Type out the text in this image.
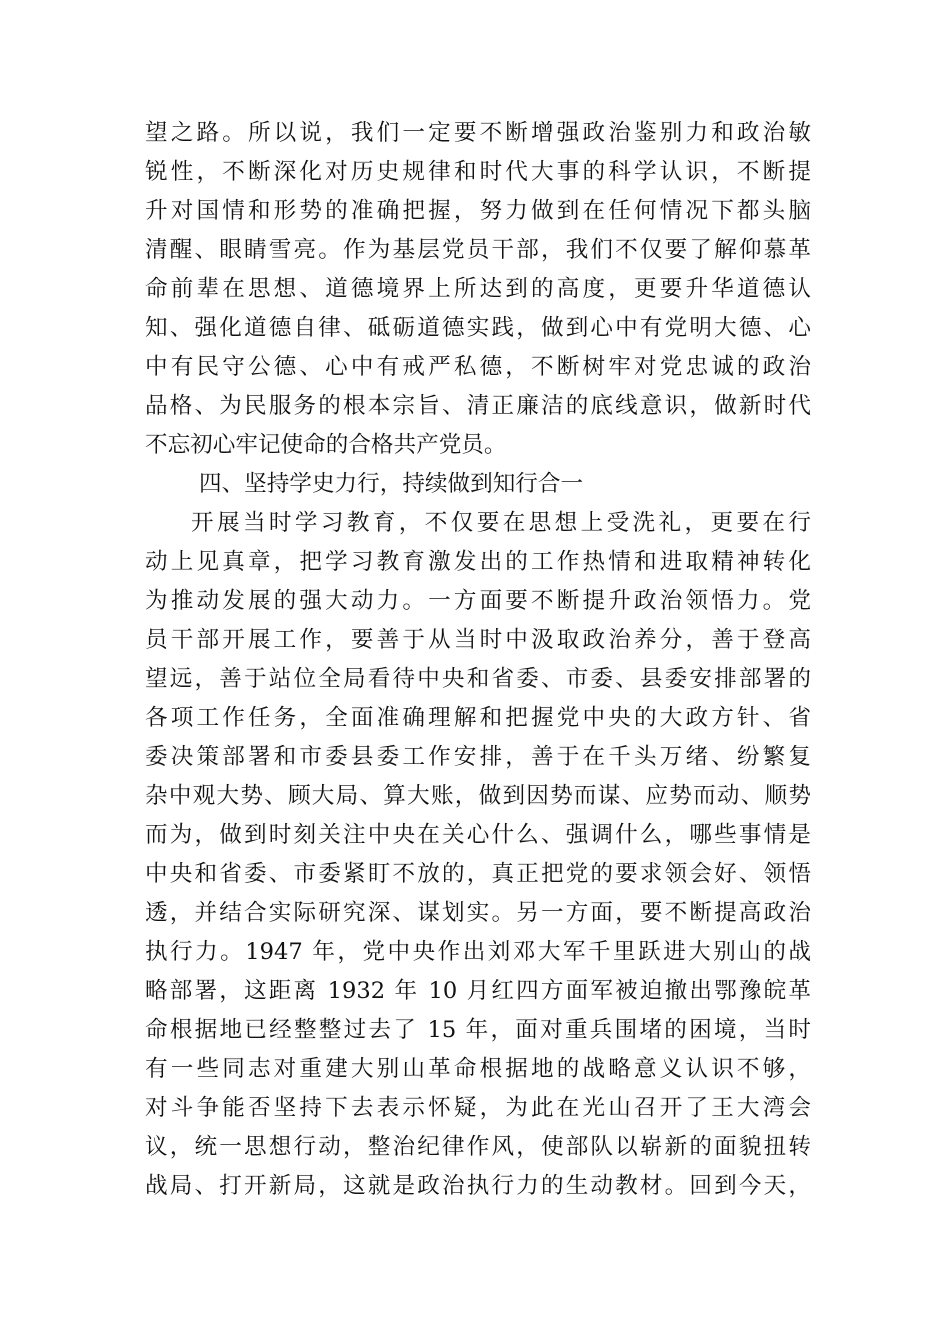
望之路。所以说，我们一定要不断增强政治鉴别力和政治敏
锐性，不断深化对历史规律和时代大事的科学认识，不断提
升对国情和形势的准确把握，努力做到在任何情况下都头脑
清醒、眼睛雪亮。作为基层党员干部，我们不仅要了解仰慕革
命前辈在思想、道德境界上所达到的高度，更要升华道德认
知、强化道德自律、砥砺道德实践，做到心中有党明大德、心
中有民守公德、心中有戒严私德，不断树牢对党忠诚的政治
品格、为民服务的根本宗旨、清正廉洁的底线意识，做新时代
不忘初心牢记使命的合格共产党员。
四、坚持学史力行，持续做到知行合一
开展当时学习教育，不仅要在思想上受洗礼，更要在行
动上见真章，把学习教育激发出的工作热情和进取精神转化
为推动发展的强大动力。一方面要不断提升政治领悟力。党
员干部开展工作，要善于从当时中汲取政治养分，善于登高
望远，善于站位全局看待中央和省委、市委、县委安排部署的
各项工作任务，全面准确理解和把握党中央的大政方针、省
委决策部署和市委县委工作安排，善于在千头万绪、纷繁复
杂中观大势、顾大局、算大账，做到因势而谋、应势而动、顺势
而为，做到时刻关注中央在关心什么、强调什么，哪些事情是
中央和省委、市委紧盯不放的，真正把党的要求领会好、领悟
透，并结合实际研究深、谋划实。另一方面，要不断提高政治
执行力。1947 年，党中央作出刘邓大军千里跃进大别山的战
略部署，这距离 1932 年 10 月红四方面军被迫撤出鄂豫皖革
命根据地已经整整过去了 15 年，面对重兵围堵的困境，当时
有一些同志对重建大别山革命根据地的战略意义认识不够，
对斗争能否坚持下去表示怀疑，为此在光山召开了王大湾会
议，统一思想行动，整治纪律作风，使部队以崭新的面貌扭转
战局、打开新局，这就是政治执行力的生动教材。回到今天，
